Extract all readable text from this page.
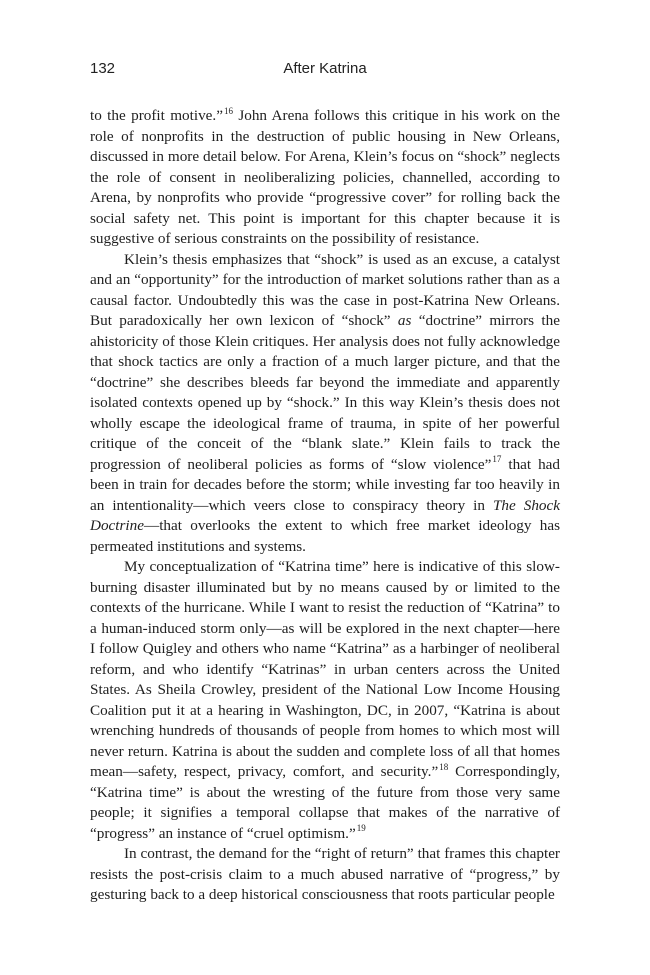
132	After Katrina

to the profit motive.”$^{16}$ John Arena follows this critique in his work on the role of nonprofits in the destruction of public housing in New Orleans, discussed in more detail below. For Arena, Klein’s focus on “shock” neglects the role of consent in neoliberalizing policies, channelled, according to Arena, by nonprofits who provide “progressive cover” for rolling back the social safety net. This point is important for this chapter because it is suggestive of serious constraints on the possibility of resistance.

Klein’s thesis emphasizes that “shock” is used as an excuse, a catalyst and an “opportunity” for the introduction of market solutions rather than as a causal factor. Undoubtedly this was the case in post-Katrina New Orleans. But paradoxically her own lexicon of “shock” as “doctrine” mirrors the ahistoricity of those Klein critiques. Her analysis does not fully acknowledge that shock tactics are only a fraction of a much larger picture, and that the “doctrine” she describes bleeds far beyond the immediate and apparently isolated contexts opened up by “shock.” In this way Klein’s thesis does not wholly escape the ideological frame of trauma, in spite of her powerful critique of the conceit of the “blank slate.” Klein fails to track the progression of neoliberal policies as forms of “slow violence”$^{17}$ that had been in train for decades before the storm; while investing far too heavily in an intentionality—which veers close to conspiracy theory in The Shock Doctrine—that overlooks the extent to which free market ideology has permeated institutions and systems.

My conceptualization of “Katrina time” here is indicative of this slow-burning disaster illuminated but by no means caused by or limited to the contexts of the hurricane. While I want to resist the reduction of “Katrina” to a human-induced storm only—as will be explored in the next chapter—here I follow Quigley and others who name “Katrina” as a harbinger of neoliberal reform, and who identify “Katrinas” in urban centers across the United States. As Sheila Crowley, president of the National Low Income Housing Coalition put it at a hearing in Washington, DC, in 2007, “Katrina is about wrenching hundreds of thousands of people from homes to which most will never return. Katrina is about the sudden and complete loss of all that homes mean—safety, respect, privacy, comfort, and security.”$^{18}$ Correspondingly, “Katrina time” is about the wresting of the future from those very same people; it signifies a temporal collapse that makes of the narrative of “progress” an instance of “cruel optimism.”$^{19}$

In contrast, the demand for the “right of return” that frames this chapter resists the post-crisis claim to a much abused narrative of “progress,” by gesturing back to a deep historical consciousness that roots particular people
